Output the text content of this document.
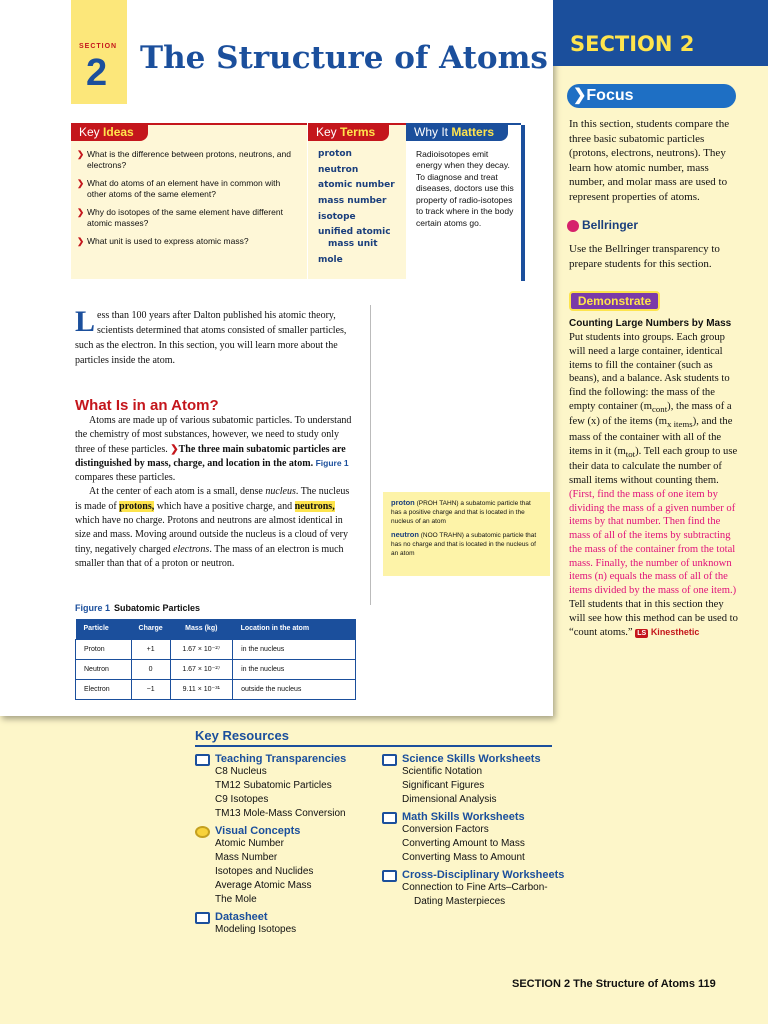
SECTION
2 The Structure of Atoms
Key Ideas
❯ What is the difference between protons, neutrons, and electrons?
❯ What do atoms of an element have in common with other atoms of the same element?
❯ Why do isotopes of the same element have different atomic masses?
❯ What unit is used to express atomic mass?
Key Terms
proton
neutron
atomic number
mass number
isotope
unified atomic
mass unit
mole
Why It Matters
Radioisotopes emit energy when they decay. To diagnose and treat diseases, doctors use this property of radio-isotopes to track where in the body certain atoms go.
Less than 100 years after Dalton published his atomic theory, scientists determined that atoms consisted of smaller particles, such as the electron. In this section, you will learn more about the particles inside the atom.
What Is in an Atom?

Atoms are made up of various subatomic particles. To understand the chemistry of most substances, however, we need to study only three of these particles. ❯The three main subatomic particles are distinguished by mass, charge, and location in the atom. Figure 1 compares these particles.

At the center of each atom is a small, dense nucleus. The nucleus is made of protons, which have a positive charge, and neutrons, which have no charge. Protons and neutrons are almost identical in size and mass. Moving around outside the nucleus is a cloud of very tiny, negatively charged electrons. The mass of an electron is much smaller than that of a proton or neutron.

proton (PROH TAHN) a subatomic particle that has a positive charge and that is located in the nucleus of an atom
neutron (NOO TRAHN) a subatomic particle that has no charge and that is located in the nucleus of an atom
Figure 1 Subatomic Particles
Particle	Charge	Mass (kg)	Location in the atom
Proton	+1	1.67 × 10⁻²⁷	in the nucleus
Neutron	0	1.67 × 10⁻²⁷	in the nucleus
Electron	−1	9.11 × 10⁻³¹	outside the nucleus
SECTION 2
❯Focus
In this section, students compare the three basic subatomic particles (protons, electrons, neutrons). They learn how atomic number, mass number, and molar mass are used to represent properties of atoms.
Bellringer
Use the Bellringer transparency to prepare students for this section.
Demonstrate
Counting Large Numbers by Mass
Put students into groups. Each group will need a large container, identical items to fill the container (such as beans), and a balance. Ask students to find the following: the mass of the empty container $(m_{cont})$, the mass of a few (x) of the items $(m_{x items})$, and the mass of the container with all of the items in it $(m_{tot})$. Tell each group to use their data to calculate the number of small items without counting them. (First, find the mass of one item by dividing the mass of a given number of items by that number. Then find the mass of all of the items by subtracting the mass of the container from the total mass. Finally, the number of unknown items (n) equals the mass of all of the items divided by the mass of one item.) Tell students that in this section they will see how this method can be used to “count atoms.” LS Kinesthetic
Key Resources
Teaching Transparencies
C8 Nucleus
TM12 Subatomic Particles
C9 Isotopes
TM13 Mole-Mass Conversion
Visual Concepts
Atomic Number
Mass Number
Isotopes and Nuclides
Average Atomic Mass
The Mole
Datasheet
Modeling Isotopes
Science Skills Worksheets
Scientific Notation
Significant Figures
Dimensional Analysis
Math Skills Worksheets
Conversion Factors
Converting Amount to Mass
Converting Mass to Amount
Cross-Disciplinary Worksheets
Connection to Fine Arts–Carbon-
Dating Masterpieces
SECTION 2 The Structure of Atoms 119
